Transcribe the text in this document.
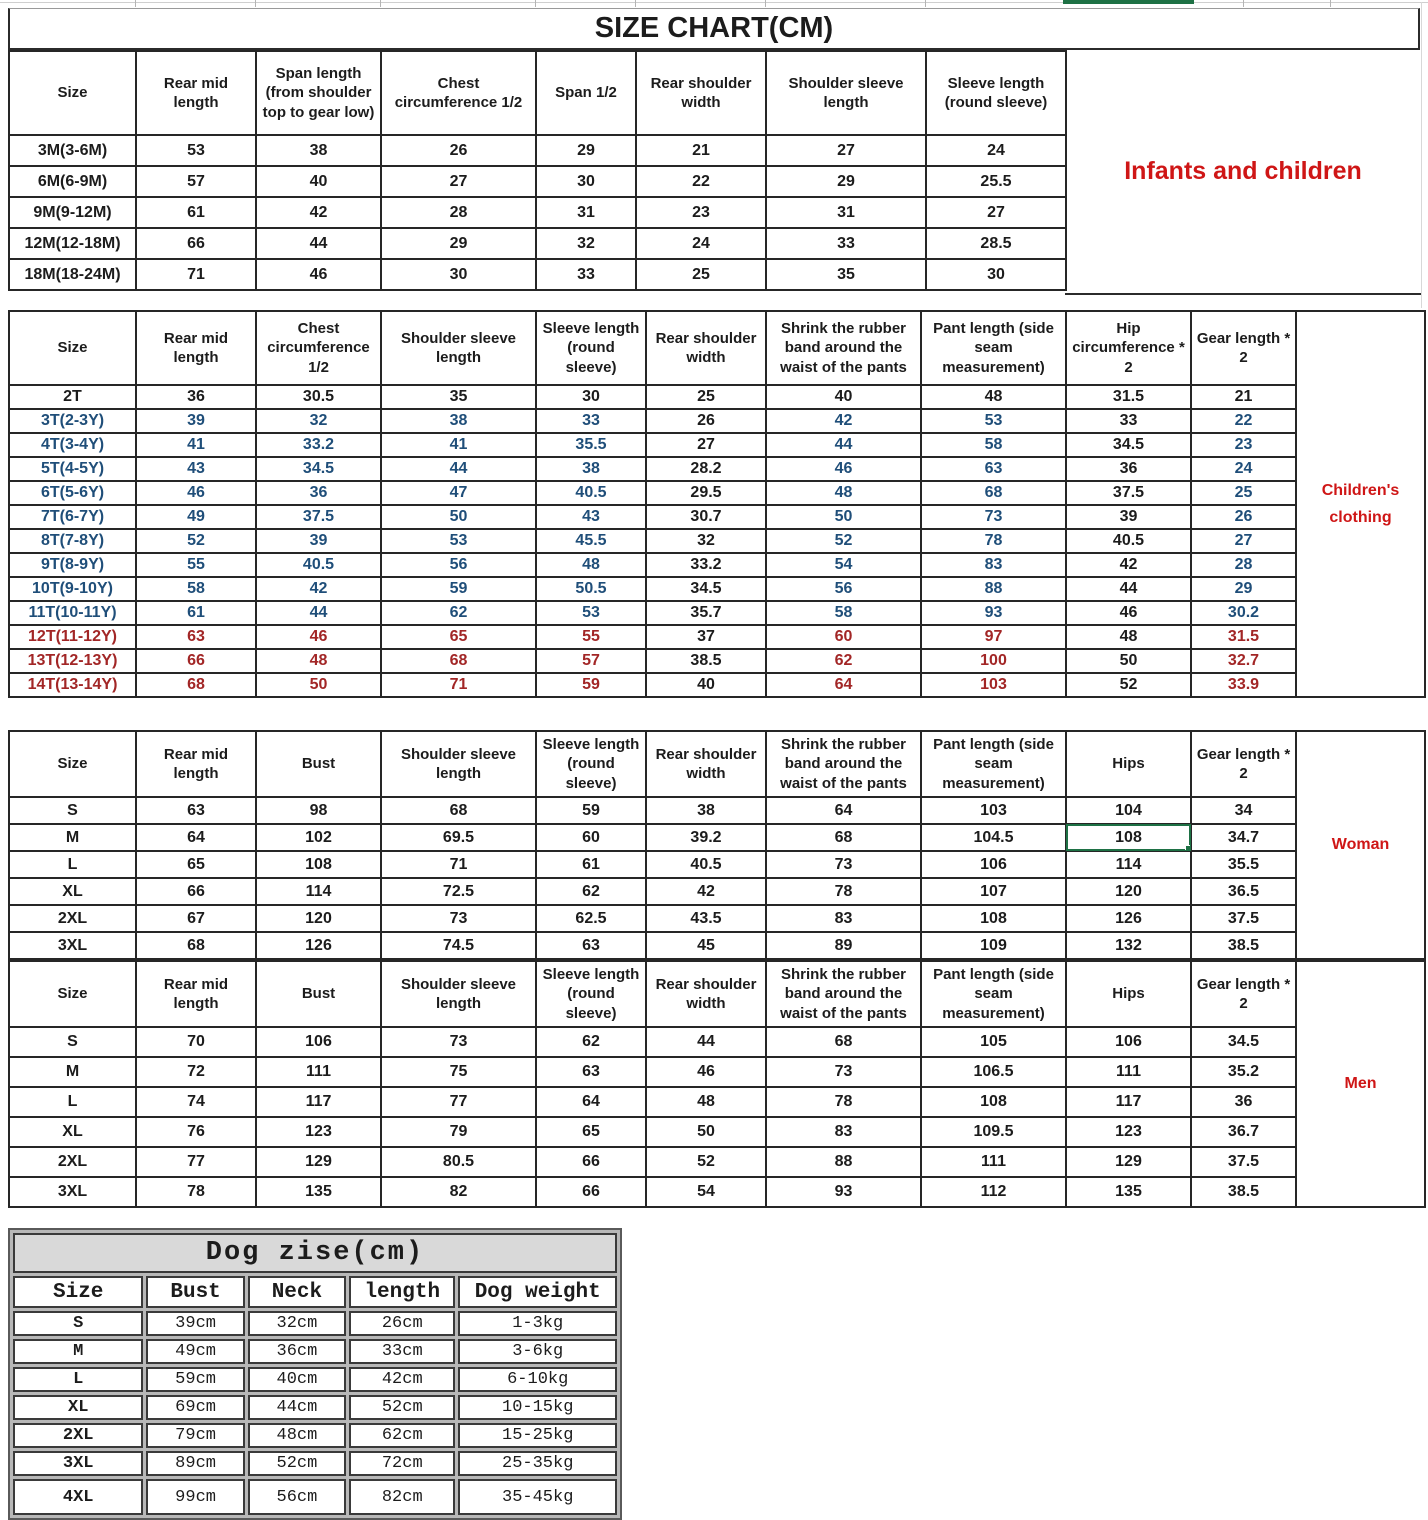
SIZE CHART(CM)
Size	Rear mid length	Span length (from shoulder top to gear low)	Chest circumference 1/2	Span 1/2	Rear shoulder width	Shoulder sleeve length	Sleeve length (round sleeve)
3M(3-6M)	53	38	26	29	21	27	24
6M(6-9M)	57	40	27	30	22	29	25.5
9M(9-12M)	61	42	28	31	23	31	27
12M(12-18M)	66	44	29	32	24	33	28.5
18M(18-24M)	71	46	30	33	25	35	30
Infants and children
Size	Rear mid length	Chest circumference 1/2	Shoulder sleeve length	Sleeve length (round sleeve)	Rear shoulder width	Shrink the rubber band around the waist of the pants	Pant length (side seam measurement)	Hip circumference * 2	Gear length * 2	Children's clothing
2T	36	30.5	35	30	25	40	48	31.5	21	
3T(2-3Y)	39	32	38	33	26	42	53	33	22	
4T(3-4Y)	41	33.2	41	35.5	27	44	58	34.5	23	
5T(4-5Y)	43	34.5	44	38	28.2	46	63	36	24	
6T(5-6Y)	46	36	47	40.5	29.5	48	68	37.5	25	
7T(6-7Y)	49	37.5	50	43	30.7	50	73	39	26	
8T(7-8Y)	52	39	53	45.5	32	52	78	40.5	27	
9T(8-9Y)	55	40.5	56	48	33.2	54	83	42	28	
10T(9-10Y)	58	42	59	50.5	34.5	56	88	44	29	
11T(10-11Y)	61	44	62	53	35.7	58	93	46	30.2	
12T(11-12Y)	63	46	65	55	37	60	97	48	31.5	
13T(12-13Y)	66	48	68	57	38.5	62	100	50	32.7	
14T(13-14Y)	68	50	71	59	40	64	103	52	33.9	
Size	Rear mid length	Bust	Shoulder sleeve length	Sleeve length (round sleeve)	Rear shoulder width	Shrink the rubber band around the waist of the pants	Pant length (side seam measurement)	Hips	Gear length * 2	Woman
S	63	98	68	59	38	64	103	104	34	
M	64	102	69.5	60	39.2	68	104.5	108	34.7	
L	65	108	71	61	40.5	73	106	114	35.5	
XL	66	114	72.5	62	42	78	107	120	36.5	
2XL	67	120	73	62.5	43.5	83	108	126	37.5	
3XL	68	126	74.5	63	45	89	109	132	38.5	
Size	Rear mid length	Bust	Shoulder sleeve length	Sleeve length (round sleeve)	Rear shoulder width	Shrink the rubber band around the waist of the pants	Pant length (side seam measurement)	Hips	Gear length * 2	Men
S	70	106	73	62	44	68	105	106	34.5	
M	72	111	75	63	46	73	106.5	111	35.2	
L	74	117	77	64	48	78	108	117	36	
XL	76	123	79	65	50	83	109.5	123	36.7	
2XL	77	129	80.5	66	52	88	111	129	37.5	
3XL	78	135	82	66	54	93	112	135	38.5	
Dog zise(cm)				
Size	Bust	Neck	length	Dog weight
S	39cm	32cm	26cm	1-3kg
M	49cm	36cm	33cm	3-6kg
L	59cm	40cm	42cm	6-10kg
XL	69cm	44cm	52cm	10-15kg
2XL	79cm	48cm	62cm	15-25kg
3XL	89cm	52cm	72cm	25-35kg
4XL	99cm	56cm	82cm	35-45kg
